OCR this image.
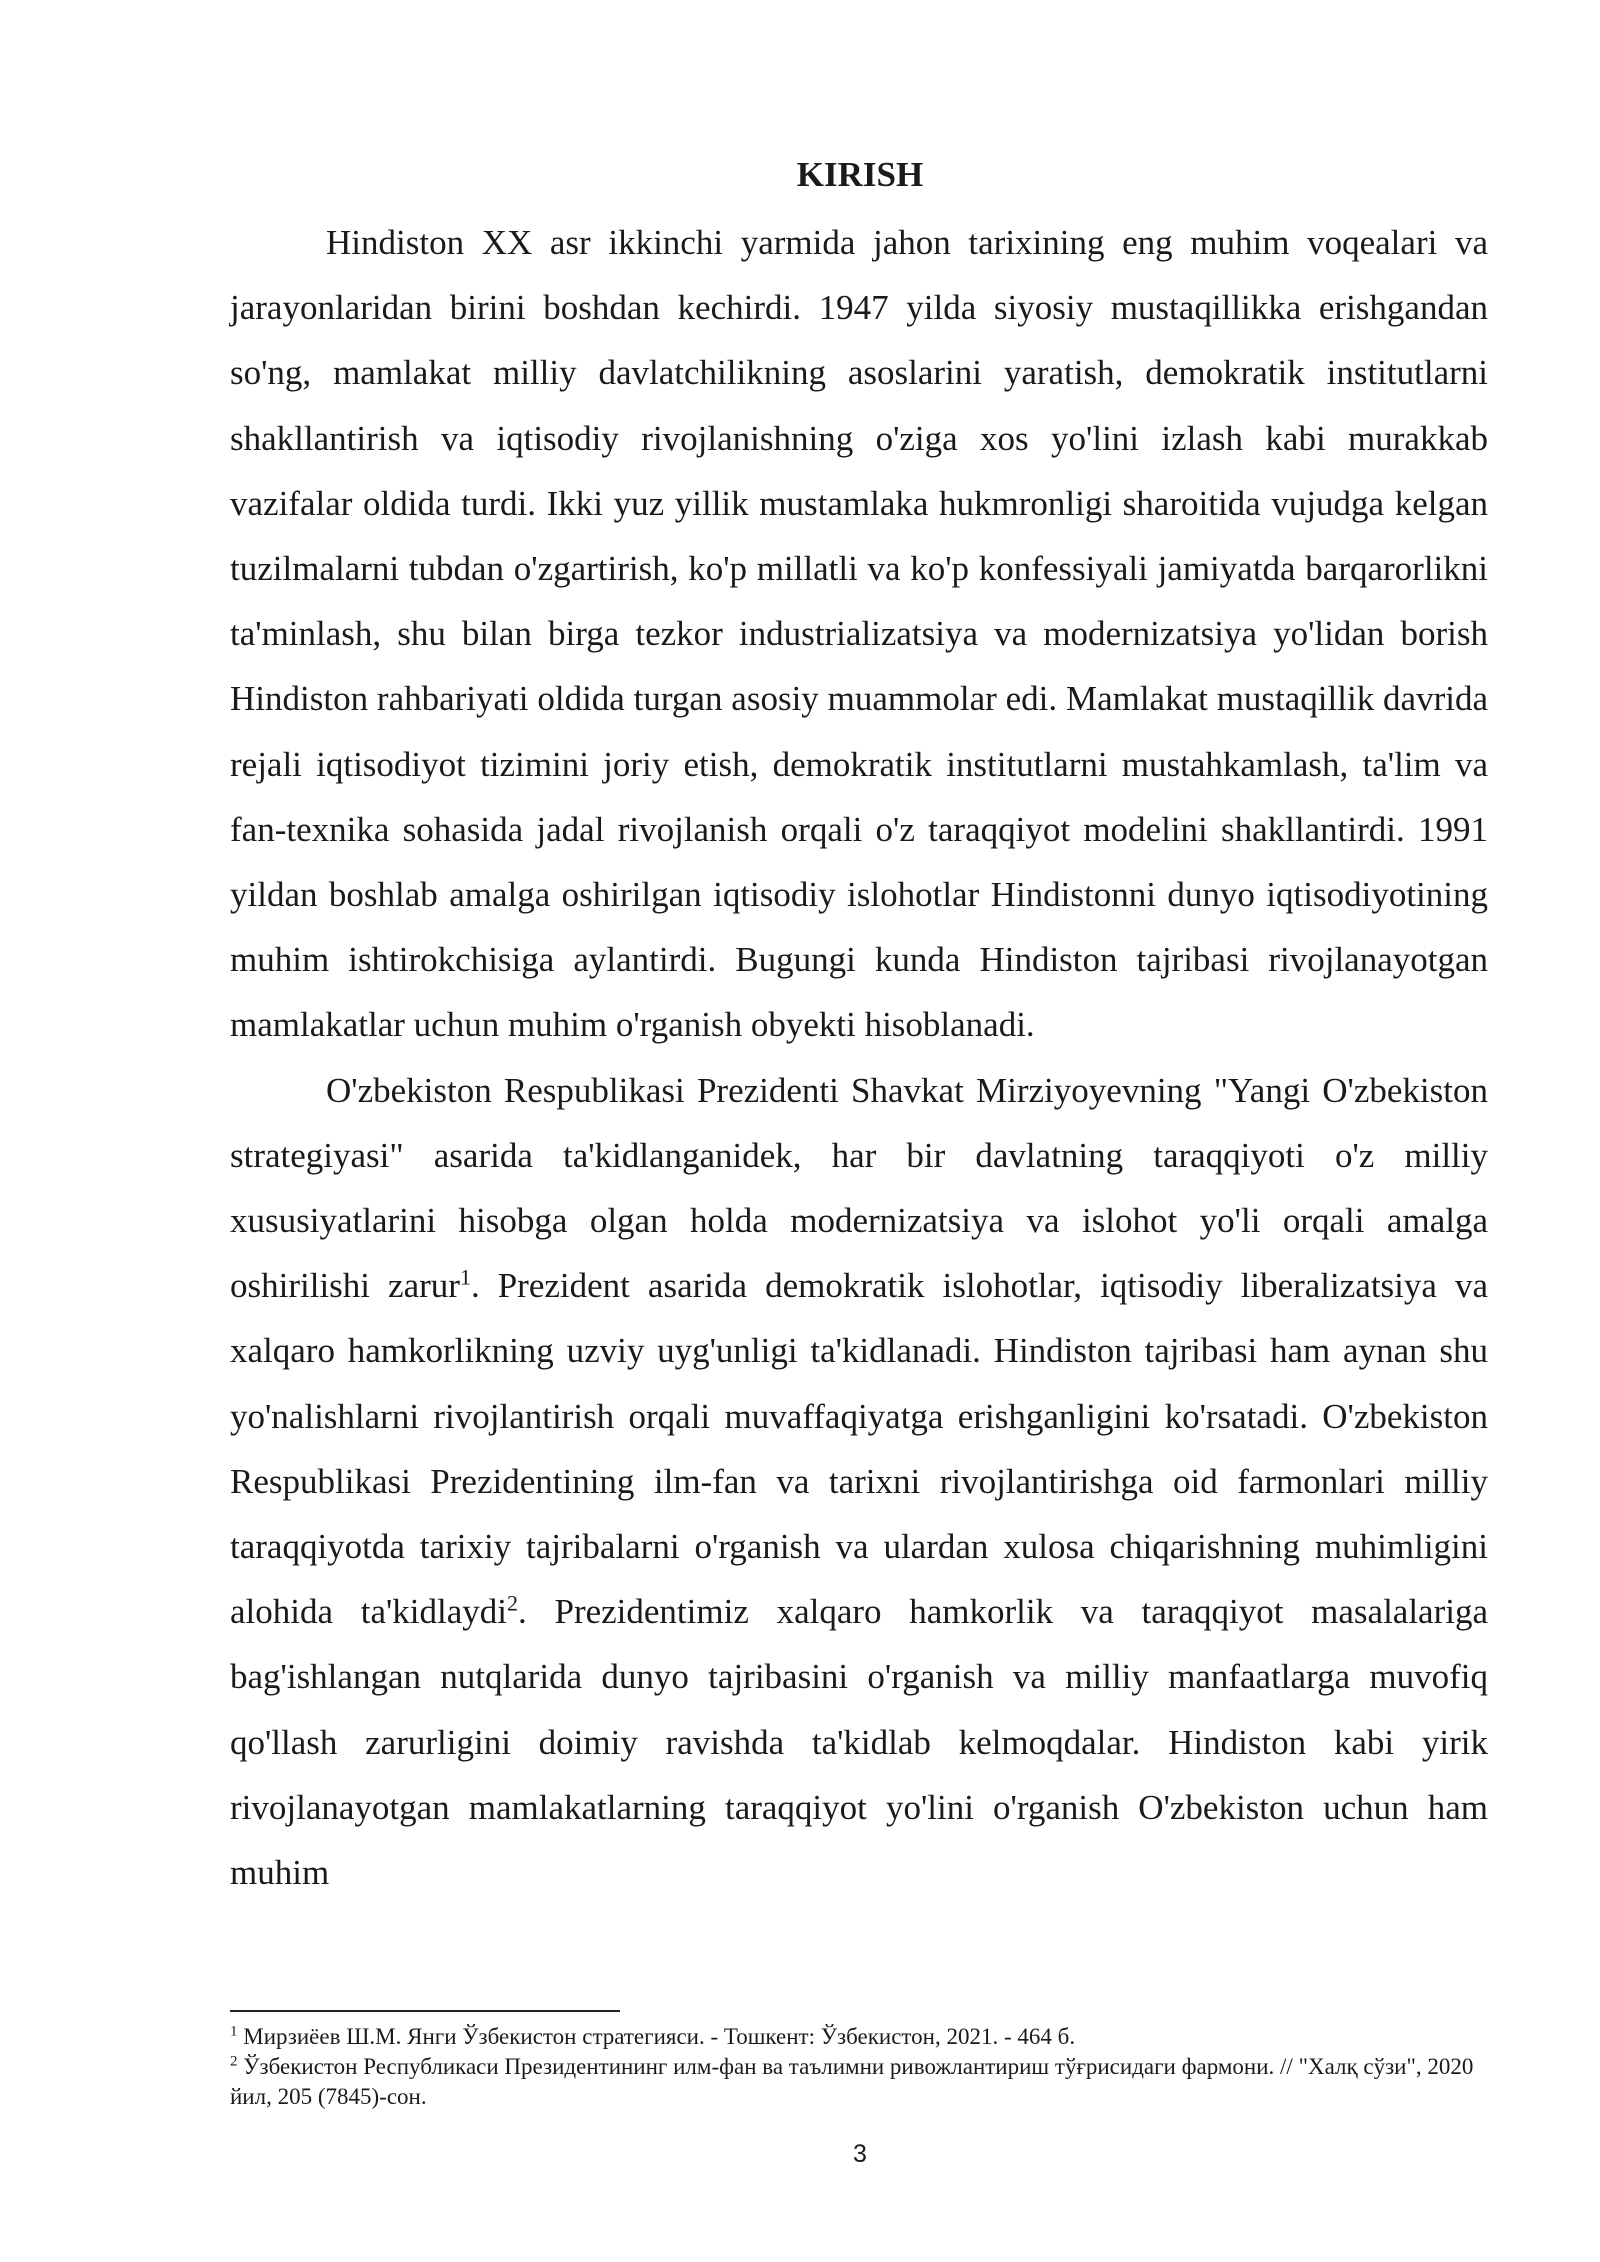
KIRISH

Hindiston XX asr ikkinchi yarmida jahon tarixining eng muhim voqealari va jarayonlaridan birini boshdan kechirdi. 1947 yilda siyosiy mustaqillikka erishgandan so'ng, mamlakat milliy davlatchilikning asoslarini yaratish, demokratik institutlarni shakllantirish va iqtisodiy rivojlanishning o'ziga xos yo'lini izlash kabi murakkab vazifalar oldida turdi. Ikki yuz yillik mustamlaka hukmronligi sharoitida vujudga kelgan tuzilmalarni tubdan o'zgartirish, ko'p millatli va ko'p konfessiyali jamiyatda barqarorlikni ta'minlash, shu bilan birga tezkor industrializatsiya va modernizatsiya yo'lidan borish Hindiston rahbariyati oldida turgan asosiy muammolar edi. Mamlakat mustaqillik davrida rejali iqtisodiyot tizimini joriy etish, demokratik institutlarni mustahkamlash, ta'lim va fan-texnika sohasida jadal rivojlanish orqali o'z taraqqiyot modelini shakllantirdi. 1991 yildan boshlab amalga oshirilgan iqtisodiy islohotlar Hindistonni dunyo iqtisodiyotining muhim ishtirokchisiga aylantirdi. Bugungi kunda Hindiston tajribasi rivojlanayotgan mamlakatlar uchun muhim o'rganish obyekti hisoblanadi.

O'zbekiston Respublikasi Prezidenti Shavkat Mirziyoyevning "Yangi O'zbekiston strategiyasi" asarida ta'kidlanganidek, har bir davlatning taraqqiyoti o'z milliy xususiyatlarini hisobga olgan holda modernizatsiya va islohot yo'li orqali amalga oshirilishi zarur$^1$. Prezident asarida demokratik islohotlar, iqtisodiy liberalizatsiya va xalqaro hamkorlikning uzviy uyg'unligi ta'kidlanadi. Hindiston tajribasi ham aynan shu yo'nalishlarni rivojlantirish orqali muvaffaqiyatga erishganligini ko'rsatadi. O'zbekiston Respublikasi Prezidentining ilm-fan va tarixni rivojlantirishga oid farmonlari milliy taraqqiyotda tarixiy tajribalarni o'rganish va ulardan xulosa chiqarishning muhimligini alohida ta'kidlaydi$^2$. Prezidentimiz xalqaro hamkorlik va taraqqiyot masalalariga bag'ishlangan nutqlarida dunyo tajribasini o'rganish va milliy manfaatlarga muvofiq qo'llash zarurligini doimiy ravishda ta'kidlab kelmoqdalar. Hindiston kabi yirik rivojlanayotgan mamlakatlarning taraqqiyot yo'lini o'rganish O'zbekiston uchun ham muhim

$^1$ Мирзиёев Ш.М. Янги Ўзбекистон стратегияси. - Тошкент: Ўзбекистон, 2021. - 464 б.

$^2$ Ўзбекистон Республикаси Президентининг илм-фан ва таълимни ривожлантириш тўғрисидаги фармони. // "Халқ сўзи", 2020 йил, 205 (7845)-сон.

3
